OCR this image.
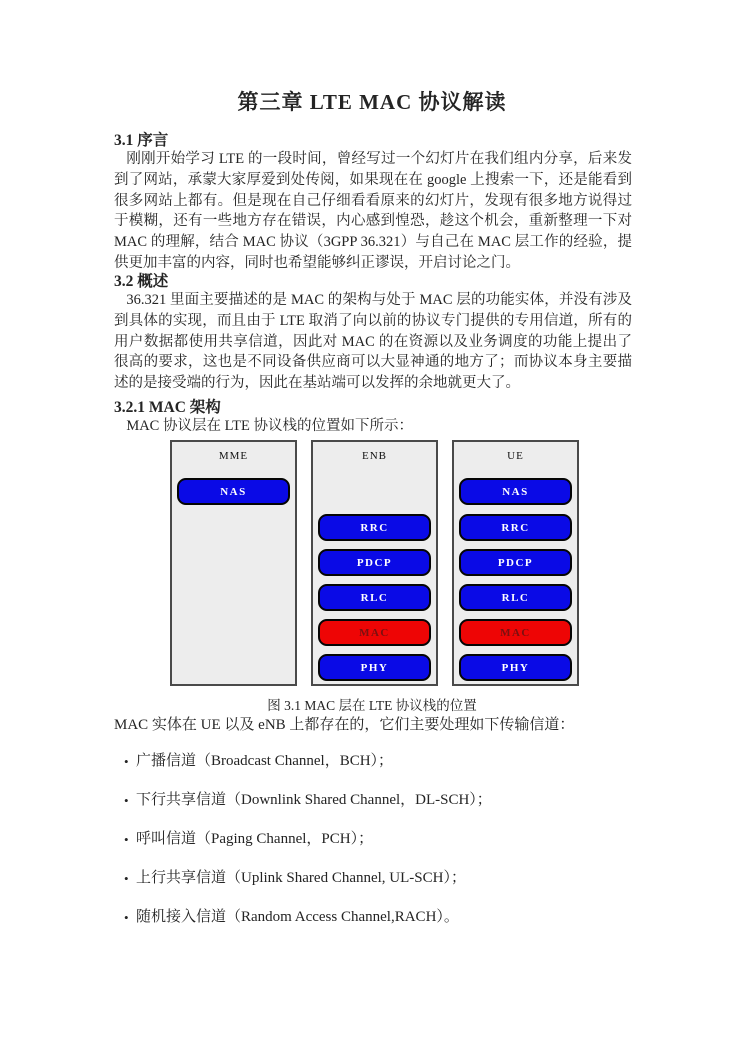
第三章 LTE MAC 协议解读
3.1 序言
刚刚开始学习 LTE 的一段时间，曾经写过一个幻灯片在我们组内分享，后来发到了网站，承蒙大家厚爱到处传阅，如果现在在 google 上搜索一下，还是能看到很多网站上都有。但是现在自己仔细看看原来的幻灯片，发现有很多地方说得过于模糊，还有一些地方存在错误，内心感到惶恐，趁这个机会，重新整理一下对 MAC 的理解，结合 MAC 协议（3GPP 36.321）与自己在 MAC 层工作的经验，提供更加丰富的内容，同时也希望能够纠正谬误，开启讨论之门。
3.2 概述
36.321 里面主要描述的是 MAC 的架构与处于 MAC 层的功能实体，并没有涉及到具体的实现，而且由于 LTE 取消了向以前的协议专门提供的专用信道，所有的用户数据都使用共享信道，因此对 MAC 的在资源以及业务调度的功能上提出了很高的要求，这也是不同设备供应商可以大显神通的地方了；而协议本身主要描述的是接受端的行为，因此在基站端可以发挥的余地就更大了。
3.2.1 MAC 架构
MAC 协议层在 LTE 协议栈的位置如下所示：
MME
NAS
ENB
RRC
PDCP
RLC
MAC
PHY
UE
NAS
RRC
PDCP
RLC
MAC
PHY
图 3.1 MAC 层在 LTE 协议栈的位置
MAC 实体在 UE 以及 eNB 上都存在的，它们主要处理如下传输信道：
• 广播信道（Broadcast Channel，BCH）；
• 下行共享信道（Downlink Shared Channel，DL-SCH）；
• 呼叫信道（Paging Channel，PCH）；
• 上行共享信道（Uplink Shared Channel, UL-SCH）；
• 随机接入信道（Random Access Channel,RACH）。
